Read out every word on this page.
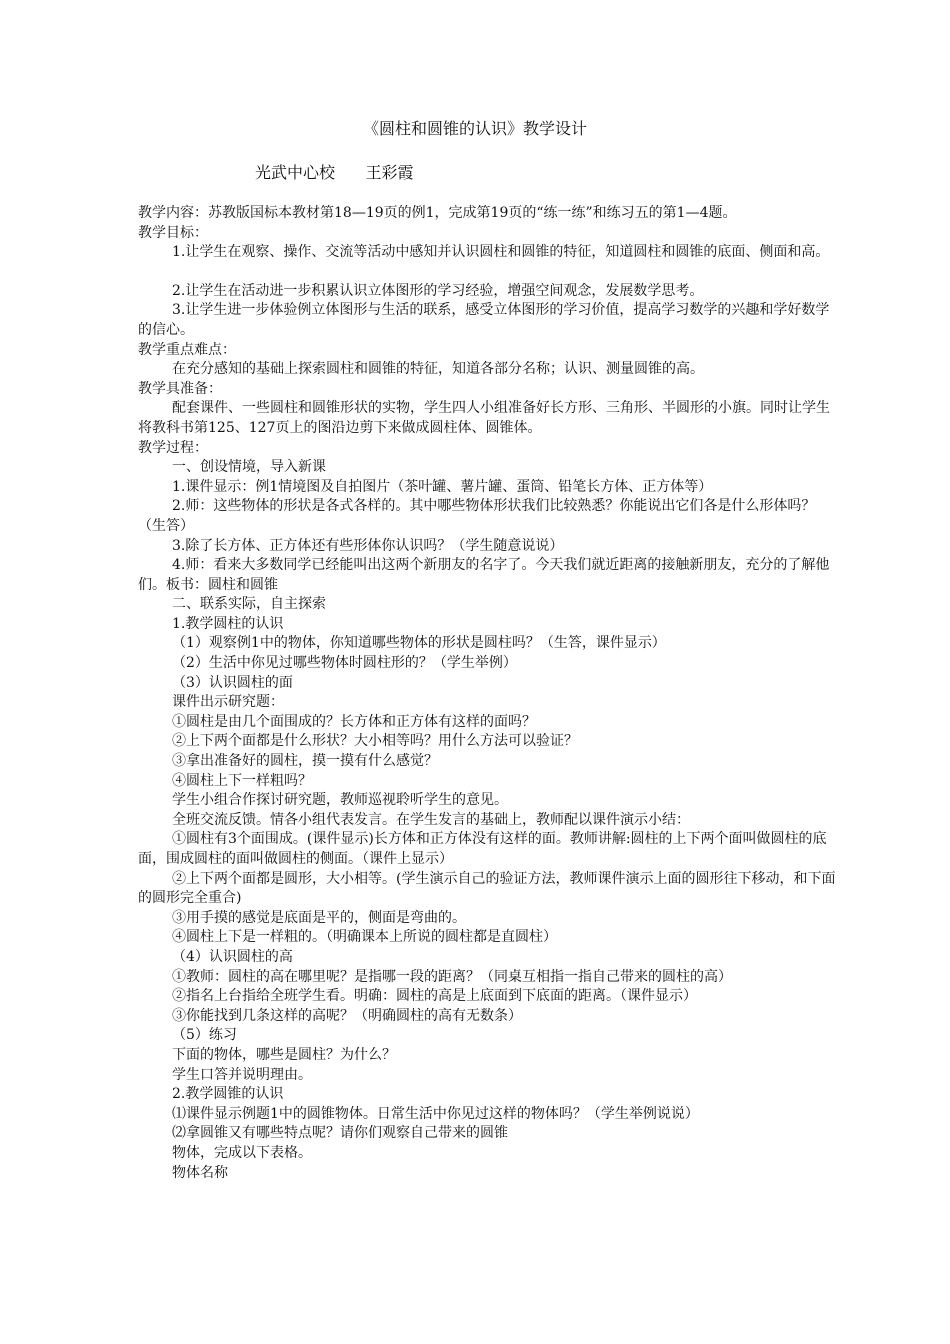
《圆柱和圆锥的认识》教学设计
光武中心校      王彩霞

教学内容：苏教版国标本教材第18—19页的例1，完成第19页的“练一练”和练习五的第1—4题。

教学目标：

1.让学生在观察、操作、交流等活动中感知并认识圆柱和圆锥的特征，知道圆柱和圆锥的底面、侧面和高。

2.让学生在活动进一步积累认识立体图形的学习经验，增强空间观念，发展数学思考。

3.让学生进一步体验例立体图形与生活的联系，感受立体图形的学习价值，提高学习数学的兴趣和学好数学的信心。

教学重点难点：

在充分感知的基础上探索圆柱和圆锥的特征，知道各部分名称；认识、测量圆锥的高。

教学具准备：

配套课件、一些圆柱和圆锥形状的实物，学生四人小组准备好长方形、三角形、半圆形的小旗。同时让学生将教科书第125、127页上的图沿边剪下来做成圆柱体、圆锥体。

教学过程：

一、创设情境，导入新课

1.课件显示：例1情境图及自拍图片（茶叶罐、薯片罐、蛋筒、铅笔长方体、正方体等）

2.师：这些物体的形状是各式各样的。其中哪些物体形状我们比较熟悉？你能说出它们各是什么形体吗？（生答）

3.除了长方体、正方体还有些形体你认识吗？（学生随意说说）

4.师：看来大多数同学已经能叫出这两个新朋友的名字了。今天我们就近距离的接触新朋友，充分的了解他们。板书：圆柱和圆锥

二、联系实际，自主探索

1.教学圆柱的认识

（1）观察例1中的物体，你知道哪些物体的形状是圆柱吗？（生答，课件显示）

（2）生活中你见过哪些物体时圆柱形的？（学生举例）

（3）认识圆柱的面

课件出示研究题：

①圆柱是由几个面围成的？长方体和正方体有这样的面吗？

②上下两个面都是什么形状？大小相等吗？用什么方法可以验证？

③拿出准备好的圆柱，摸一摸有什么感觉？

④圆柱上下一样粗吗？

学生小组合作探讨研究题，教师巡视聆听学生的意见。

全班交流反馈。情各小组代表发言。在学生发言的基础上，教师配以课件演示小结：

①圆柱有3个面围成。(课件显示)长方体和正方体没有这样的面。教师讲解:圆柱的上下两个面叫做圆柱的底面，围成圆柱的面叫做圆柱的侧面。（课件上显示）

②上下两个面都是圆形，大小相等。(学生演示自己的验证方法，教师课件演示上面的圆形往下移动，和下面的圆形完全重合)

③用手摸的感觉是底面是平的，侧面是弯曲的。

④圆柱上下是一样粗的。（明确课本上所说的圆柱都是直圆柱）

（4）认识圆柱的高

①教师：圆柱的高在哪里呢？是指哪一段的距离？（同桌互相指一指自己带来的圆柱的高）

②指名上台指给全班学生看。明确：圆柱的高是上底面到下底面的距离。（课件显示）

③你能找到几条这样的高呢？（明确圆柱的高有无数条）

（5）练习

下面的物体，哪些是圆柱？为什么？

学生口答并说明理由。

2.教学圆锥的认识

⑴课件显示例题1中的圆锥物体。日常生活中你见过这样的物体吗？（学生举例说说）

⑵拿圆锥又有哪些特点呢？请你们观察自己带来的圆锥

物体，完成以下表格。

物体名称
